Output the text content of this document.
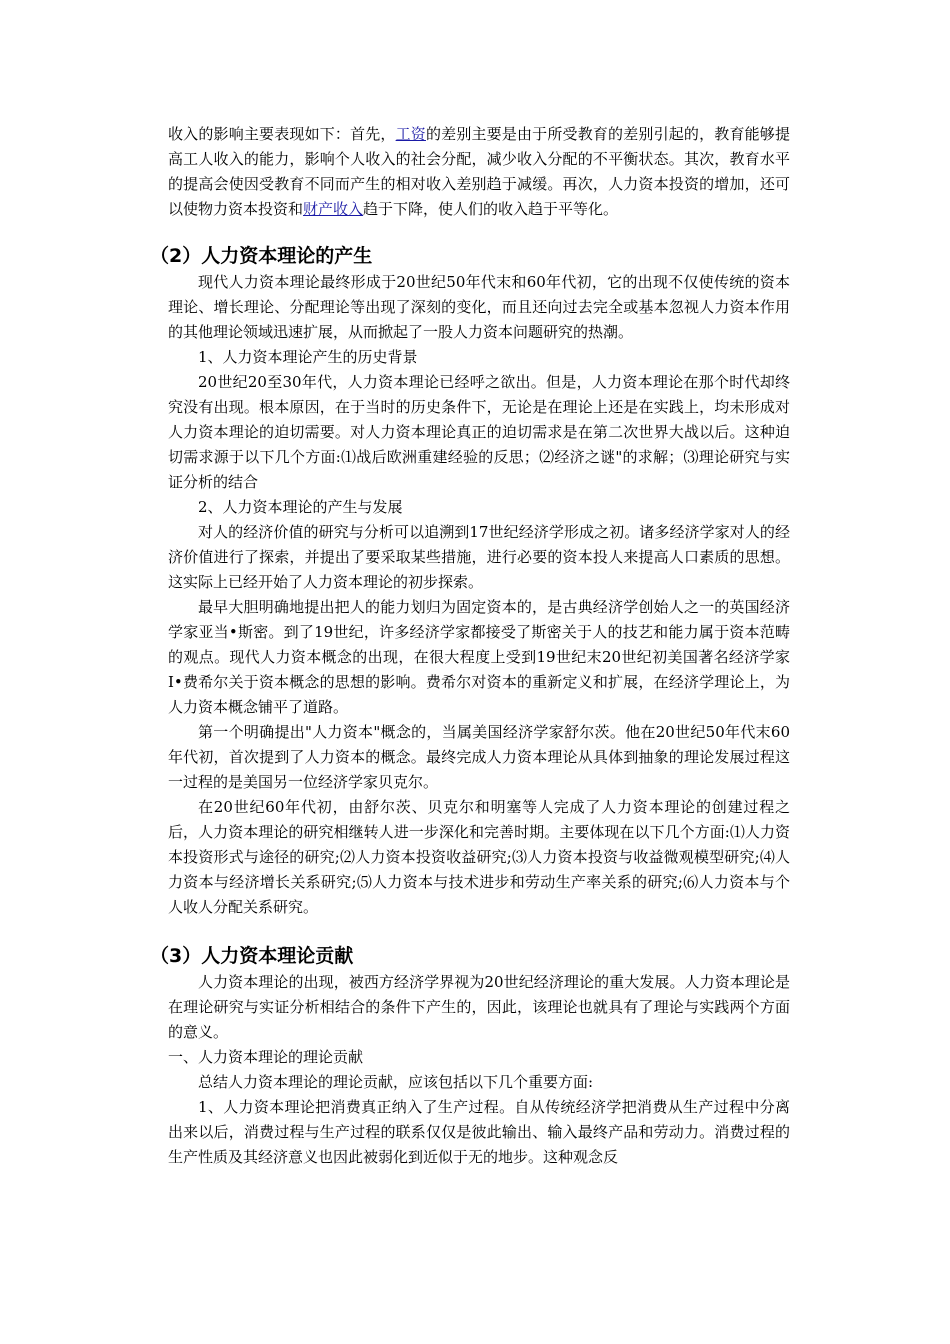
收入的影响主要表现如下：首先，工资的差别主要是由于所受教育的差别引起的，教育能够提高工人收入的能力，影响个人收入的社会分配，减少收入分配的不平衡状态。其次，教育水平的提高会使因受教育不同而产生的相对收入差别趋于减缓。再次，人力资本投资的增加，还可以使物力资本投资和财产收入趋于下降，使人们的收入趋于平等化。

（2）人力资本理论的产生

现代人力资本理论最终形成于20世纪50年代末和60年代初，它的出现不仅使传统的资本理论、增长理论、分配理论等出现了深刻的变化，而且还向过去完全或基本忽视人力资本作用的其他理论领域迅速扩展，从而掀起了一股人力资本问题研究的热潮。

1、人力资本理论产生的历史背景

20世纪20至30年代，人力资本理论已经呼之欲出。但是，人力资本理论在那个时代却终究没有出现。根本原因，在于当时的历史条件下，无论是在理论上还是在实践上，均未形成对人力资本理论的迫切需要。对人力资本理论真正的迫切需求是在第二次世界大战以后。这种迫切需求源于以下几个方面:⑴战后欧洲重建经验的反思；⑵经济之谜"的求解；⑶理论研究与实证分析的结合

2、人力资本理论的产生与发展

对人的经济价值的研究与分析可以追溯到17世纪经济学形成之初。诸多经济学家对人的经济价值进行了探索，并提出了要采取某些措施，进行必要的资本投人来提高人口素质的思想。这实际上已经开始了人力资本理论的初步探索。

最早大胆明确地提出把人的能力划归为固定资本的，是古典经济学创始人之一的英国经济学家亚当•斯密。到了19世纪，许多经济学家都接受了斯密关于人的技艺和能力属于资本范畴的观点。现代人力资本概念的出现，在很大程度上受到19世纪末20世纪初美国著名经济学家I•费希尔关于资本概念的思想的影响。费希尔对资本的重新定义和扩展，在经济学理论上，为人力资本概念铺平了道路。

第一个明确提出"人力资本"概念的，当属美国经济学家舒尔茨。他在20世纪50年代末60年代初，首次提到了人力资本的概念。最终完成人力资本理论从具体到抽象的理论发展过程这一过程的是美国另一位经济学家贝克尔。

在20世纪60年代初，由舒尔茨、贝克尔和明塞等人完成了人力资本理论的创建过程之后，人力资本理论的研究相继转人进一步深化和完善时期。主要体现在以下几个方面:⑴人力资本投资形式与途径的研究;⑵人力资本投资收益研究;⑶人力资本投资与收益微观模型研究;⑷人力资本与经济增长关系研究;⑸人力资本与技术进步和劳动生产率关系的研究;⑹人力资本与个人收人分配关系研究。

（3）人力资本理论贡献

人力资本理论的出现，被西方经济学界视为20世纪经济理论的重大发展。人力资本理论是在理论研究与实证分析相结合的条件下产生的，因此，该理论也就具有了理论与实践两个方面的意义。

一、人力资本理论的理论贡献

总结人力资本理论的理论贡献，应该包括以下几个重要方面:

1、人力资本理论把消费真正纳入了生产过程。自从传统经济学把消费从生产过程中分离出来以后，消费过程与生产过程的联系仅仅是彼此输出、输入最终产品和劳动力。消费过程的生产性质及其经济意义也因此被弱化到近似于无的地步。这种观念反
